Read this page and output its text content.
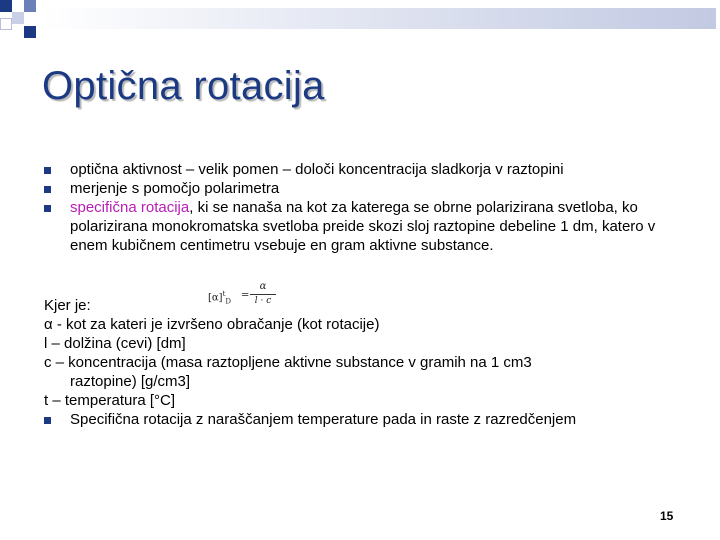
Optična rotacija
optična aktivnost – velik pomen – določi koncentracija sladkorja v raztopini
merjenje s pomočjo polarimetra
specifična rotacija, ki se nanaša na kot za katerega se obrne polarizirana svetloba, ko polarizirana monokromatska svetloba preide skozi sloj raztopine debeline 1 dm, katero v enem kubičnem centimetru vsebuje en gram aktivne substance.
$[\alpha]^t_D$
=
α
l · c
Kjer je:
α - kot za kateri je izvršeno obračanje (kot rotacije)
l – dolžina (cevi) [dm]
c – koncentracija (masa raztopljene aktivne substance v gramih na 1 cm3
raztopine) [g/cm3]
t – temperatura [°C]
Specifična rotacija z naraščanjem temperature pada in raste z razredčenjem
15
